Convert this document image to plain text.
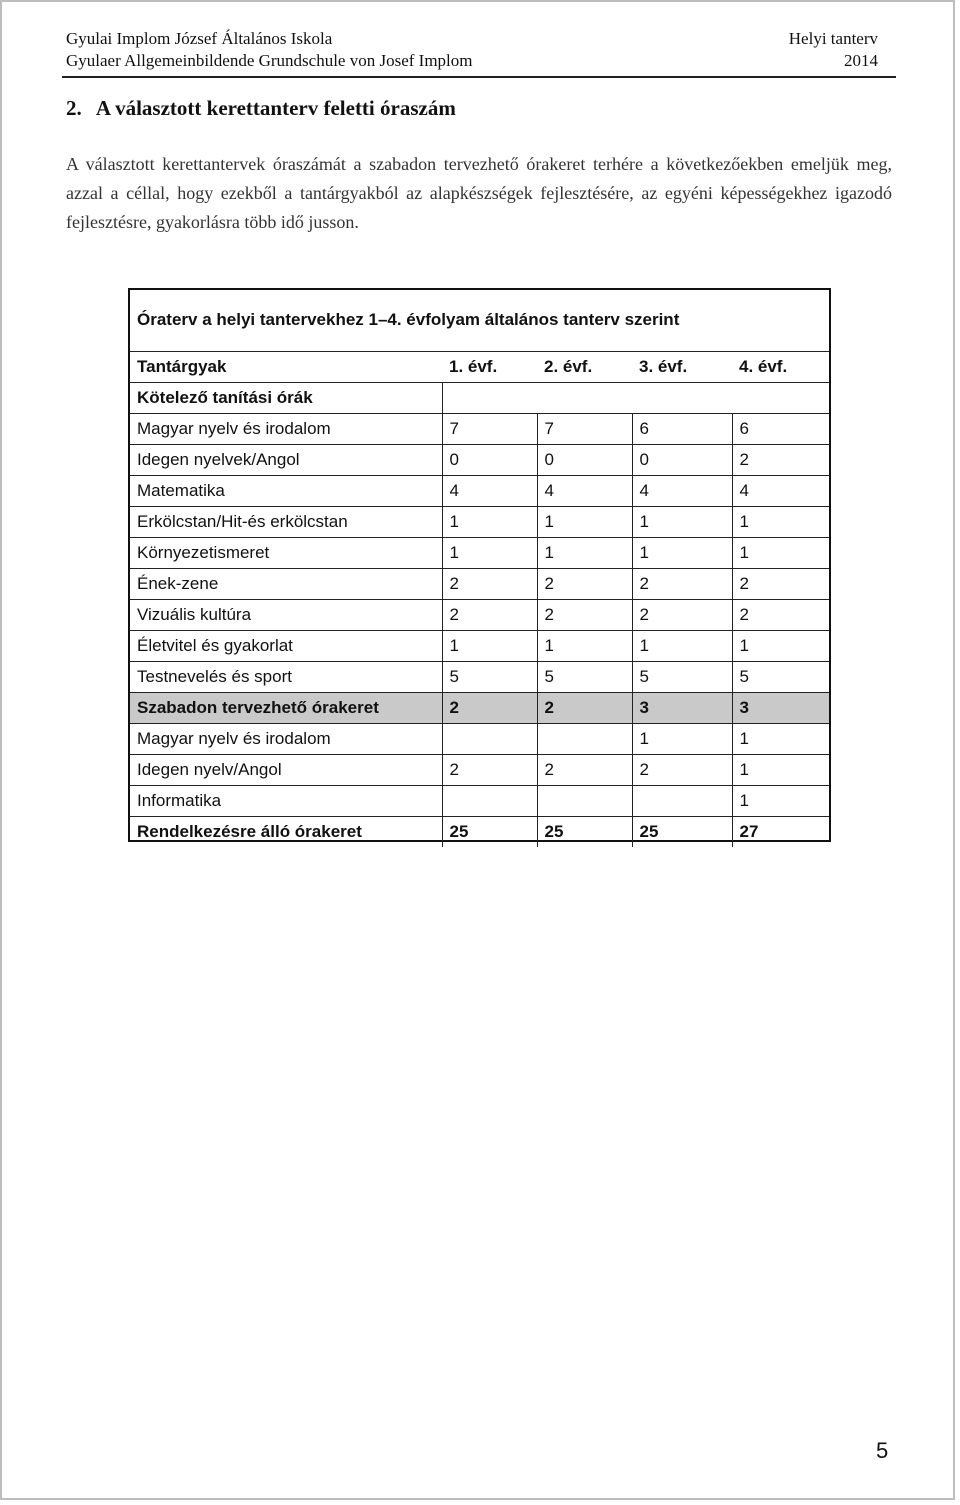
Gyulai Implom József Általános Iskola	Helyi tanterv
Gyulaer Allgemeinbildende Grundschule von Josef Implom	2014
2. A választott kerettanterv feletti óraszám
A választott kerettantervek óraszámát a szabadon tervezhető órakeret terhére a következőekben emeljük meg, azzal a céllal, hogy ezekből a tantárgyakból az alapkészségek fejlesztésére, az egyéni képességekhez igazodó fejlesztésre, gyakorlásra több idő jusson.
Óraterv a helyi tantervekhez 1–4. évfolyam általános tanterv szerint
Tantárgyak	1. évf.	2. évf.	3. évf.	4. évf.
Kötelező tanítási órák				
Magyar nyelv és irodalom	7	7	6	6
Idegen nyelvek/Angol	0	0	0	2
Matematika	4	4	4	4
Erkölcstan/Hit-és erkölcstan	1	1	1	1
Környezetismeret	1	1	1	1
Ének-zene	2	2	2	2
Vizuális kultúra	2	2	2	2
Életvitel és gyakorlat	1	1	1	1
Testnevelés és sport	5	5	5	5
Szabadon tervezhető órakeret	2	2	3	3
Magyar nyelv és irodalom			1	1
Idegen nyelv/Angol	2	2	2	1
Informatika				1
Rendelkezésre álló órakeret	25	25	25	27
5
